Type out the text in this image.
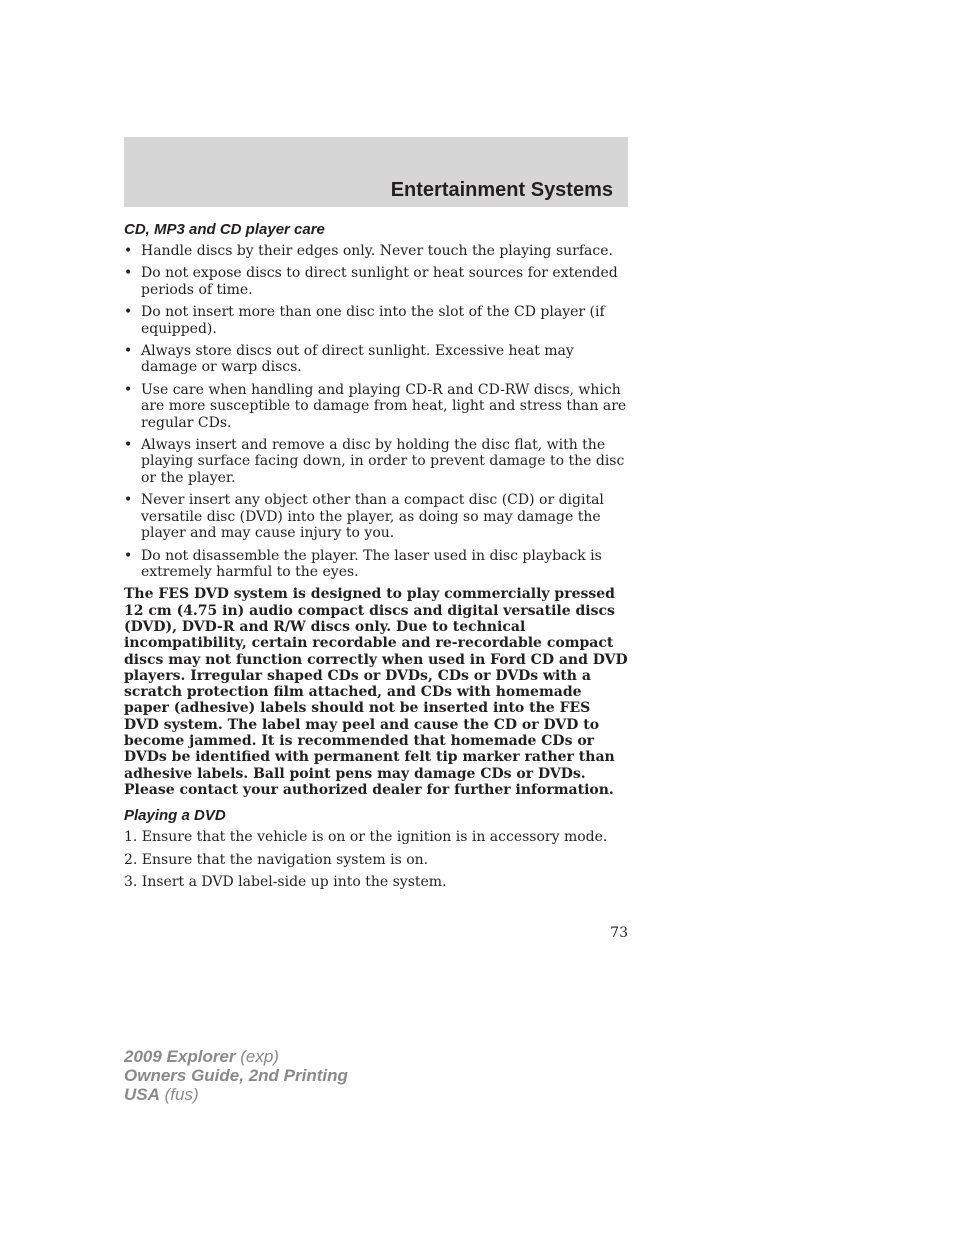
Entertainment Systems
CD, MP3 and CD player care
• Handle discs by their edges only. Never touch the playing surface.
• Do not expose discs to direct sunlight or heat sources for extended periods of time.
• Do not insert more than one disc into the slot of the CD player (if equipped).
• Always store discs out of direct sunlight. Excessive heat may damage or warp discs.
• Use care when handling and playing CD-R and CD-RW discs, which are more susceptible to damage from heat, light and stress than are regular CDs.
• Always insert and remove a disc by holding the disc flat, with the playing surface facing down, in order to prevent damage to the disc or the player.
• Never insert any object other than a compact disc (CD) or digital versatile disc (DVD) into the player, as doing so may damage the player and may cause injury to you.
• Do not disassemble the player. The laser used in disc playback is extremely harmful to the eyes.

The FES DVD system is designed to play commercially pressed 12 cm (4.75 in) audio compact discs and digital versatile discs (DVD), DVD-R and R/W discs only. Due to technical incompatibility, certain recordable and re-recordable compact discs may not function correctly when used in Ford CD and DVD players. Irregular shaped CDs or DVDs, CDs or DVDs with a scratch protection film attached, and CDs with homemade paper (adhesive) labels should not be inserted into the FES DVD system. The label may peel and cause the CD or DVD to become jammed. It is recommended that homemade CDs or DVDs be identified with permanent felt tip marker rather than adhesive labels. Ball point pens may damage CDs or DVDs. Please contact your authorized dealer for further information.

Playing a DVD
1. Ensure that the vehicle is on or the ignition is in accessory mode.
2. Ensure that the navigation system is on.
3. Insert a DVD label-side up into the system.
73
2009 Explorer (exp)
Owners Guide, 2nd Printing
USA (fus)
